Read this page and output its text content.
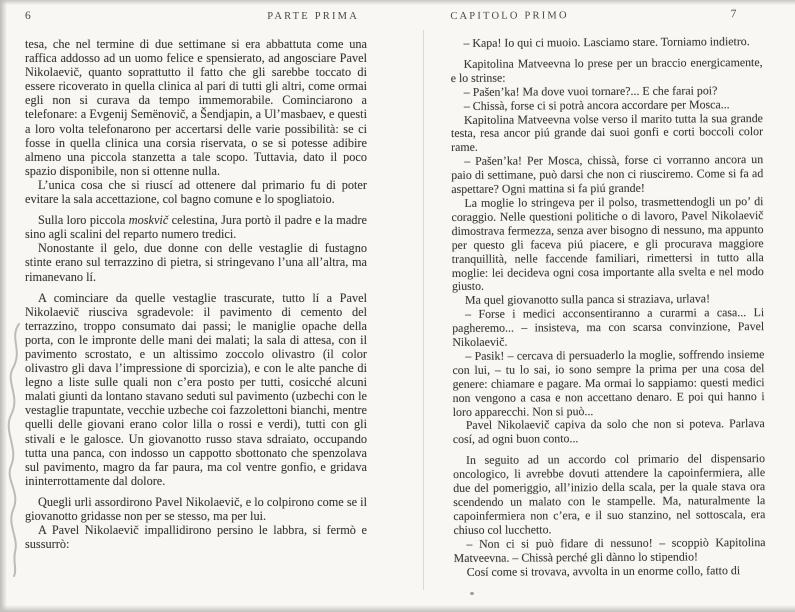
6	PARTE PRIMA

tesa, che nel termine di due settimane si era abbattuta come una raffica addosso ad un uomo felice e spensierato, ad angosciare Pavel Nikolaevič, quanto soprattutto il fatto che gli sarebbe toccato di essere ricoverato in quella clinica al pari di tutti gli altri, come ormai egli non si curava da tempo immemorabile. Cominciarono a telefonare: a Evgenij Semënovič, a Šendjapin, a Ul’masbaev, e questi a loro volta telefonarono per accertarsi delle varie possibilità: se ci fosse in quella clinica una corsia riservata, o se si potesse adibire almeno una piccola stanzetta a tale scopo. Tuttavia, dato il poco spazio disponibile, non si ottenne nulla.

L’unica cosa che si riuscí ad ottenere dal primario fu di poter evitare la sala accettazione, col bagno comune e lo spogliatoio.

Sulla loro piccola moskvič celestina, Jura portò il padre e la madre sino agli scalini del reparto numero tredici.

Nonostante il gelo, due donne con delle vestaglie di fustagno stinte erano sul terrazzino di pietra, si stringevano l’una all’altra, ma rimanevano lí.

A cominciare da quelle vestaglie trascurate, tutto lí a Pavel Nikolaevič riusciva sgradevole: il pavimento di cemento del terrazzino, troppo consumato dai passi; le maniglie opache della porta, con le impronte delle mani dei malati; la sala di attesa, con il pavimento scrostato, e un altissimo zoccolo olivastro (il color olivastro gli dava l’impressione di sporcizia), e con le alte panche di legno a liste sulle quali non c’era posto per tutti, cosicché alcuni malati giunti da lontano stavano seduti sul pavimento (uzbechi con le vestaglie trapuntate, vecchie uzbeche coi fazzolettoni bianchi, mentre quelli delle giovani erano color lilla o rossi e verdi), tutti con gli stivali e le galosce. Un giovanotto russo stava sdraiato, occupando tutta una panca, con indosso un cappotto sbottonato che spenzolava sul pavimento, magro da far paura, ma col ventre gonfio, e gridava ininterrottamente dal dolore.

Quegli urli assordirono Pavel Nikolaevič, e lo colpirono come se il giovanotto gridasse non per se stesso, ma per lui.

A Pavel Nikolaevič impallidirono persino le labbra, si fermò e sussurrò:

CAPITOLO PRIMO	7

– Kapa! Io qui ci muoio. Lasciamo stare. Torniamo indietro.

Kapitolina Matveevna lo prese per un braccio energicamente, e lo strinse:

– Pašen’ka! Ma dove vuoi tornare?... E che farai poi?

– Chissà, forse ci si potrà ancora accordare per Mosca...

Kapitolina Matveevna volse verso il marito tutta la sua grande testa, resa ancor piú grande dai suoi gonfi e corti boccoli color rame.

– Pašen’ka! Per Mosca, chissà, forse ci vorranno ancora un paio di settimane, può darsi che non ci riusciremo. Come si fa ad aspettare? Ogni mattina si fa piú grande!

La moglie lo stringeva per il polso, trasmettendogli un po’ di coraggio. Nelle questioni politiche o di lavoro, Pavel Nikolaevič dimostrava fermezza, senza aver bisogno di nessuno, ma appunto per questo gli faceva piú piacere, e gli procurava maggiore tranquillità, nelle faccende familiari, rimettersi in tutto alla moglie: lei decideva ogni cosa importante alla svelta e nel modo giusto.

Ma quel giovanotto sulla panca si straziava, urlava!

– Forse i medici acconsentiranno a curarmi a casa... Li pagheremo... – insisteva, ma con scarsa convinzione, Pavel Nikolaevič.

– Pasik! – cercava di persuaderlo la moglie, soffrendo insieme con lui, – tu lo sai, io sono sempre la prima per una cosa del genere: chiamare e pagare. Ma ormai lo sappiamo: questi medici non vengono a casa e non accettano denaro. E poi qui hanno i loro apparecchi. Non si può...

Pavel Nikolaevič capiva da solo che non si poteva. Parlava cosí, ad ogni buon conto...

In seguito ad un accordo col primario del dispensario oncologico, li avrebbe dovuti attendere la capoinfermiera, alle due del pomeriggio, all’inizio della scala, per la quale stava ora scendendo un malato con le stampelle. Ma, naturalmente la capoinfermiera non c’era, e il suo stanzino, nel sottoscala, era chiuso col lucchetto.

– Non ci si può fidare di nessuno! – scoppiò Kapitolina Matveevna. – Chissà perché gli dànno lo stipendio!

Cosí come si trovava, avvolta in un enorme collo, fatto di
